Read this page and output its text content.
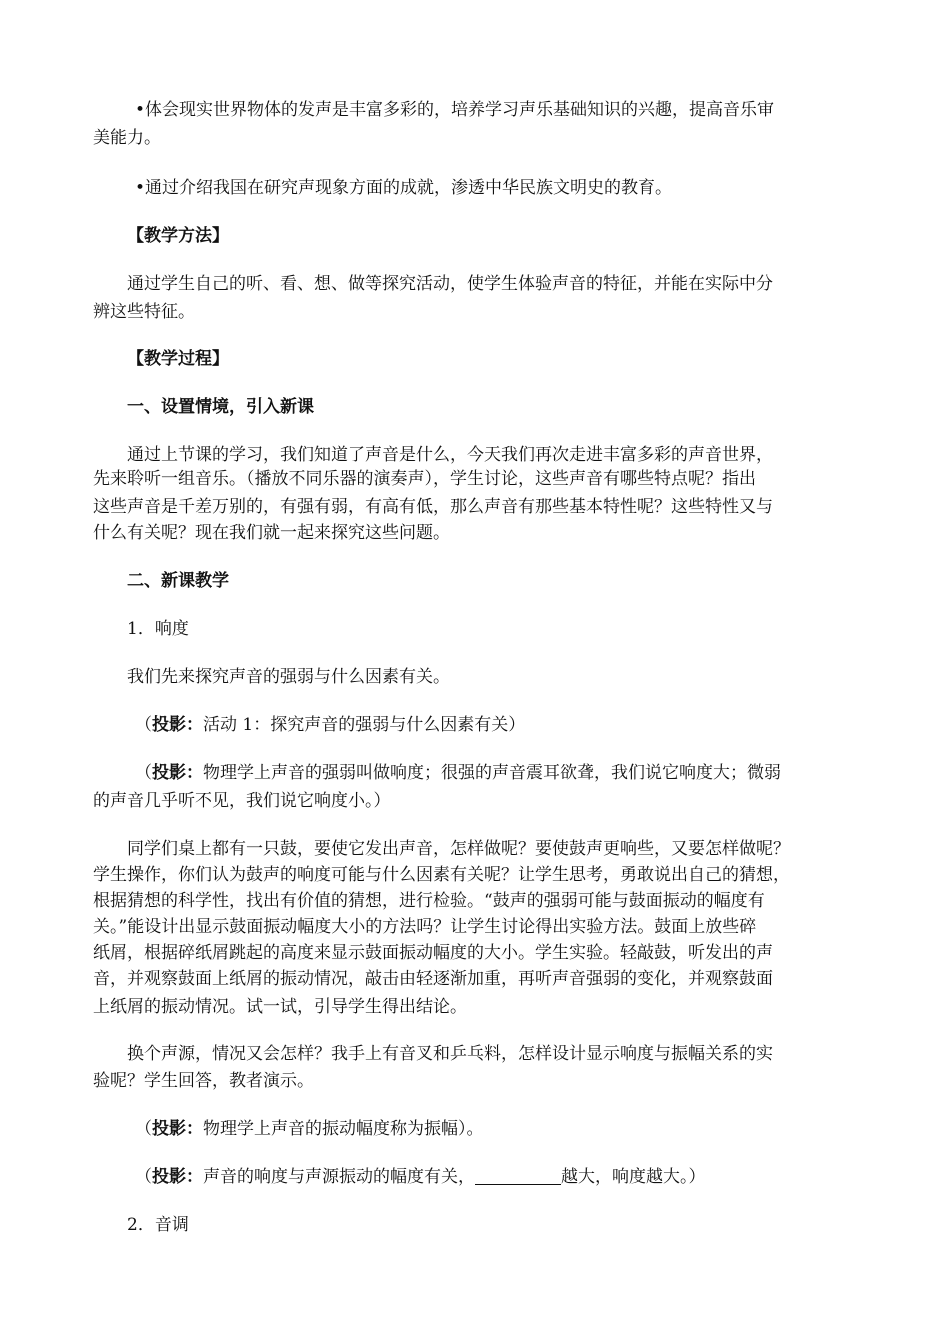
•体会现实世界物体的发声是丰富多彩的，培养学习声乐基础知识的兴趣，提高音乐审

美能力。

•通过介绍我国在研究声现象方面的成就，渗透中华民族文明史的教育。

【教学方法】

通过学生自己的听、看、想、做等探究活动，使学生体验声音的特征，并能在实际中分

辨这些特征。

【教学过程】

一、设置情境，引入新课

通过上节课的学习，我们知道了声音是什么，今天我们再次走进丰富多彩的声音世界，

先来聆听一组音乐。（播放不同乐器的演奏声），学生讨论，这些声音有哪些特点呢？指出

这些声音是千差万别的，有强有弱，有高有低，那么声音有那些基本特性呢？这些特性又与

什么有关呢？现在我们就一起来探究这些问题。

二、新课教学

1．响度

我们先来探究声音的强弱与什么因素有关。

（投影：活动 1：探究声音的强弱与什么因素有关）

（投影：物理学上声音的强弱叫做响度；很强的声音震耳欲聋，我们说它响度大；微弱

的声音几乎听不见，我们说它响度小。）

同学们桌上都有一只鼓，要使它发出声音，怎样做呢？要使鼓声更响些，又要怎样做呢？

学生操作，你们认为鼓声的响度可能与什么因素有关呢？让学生思考，勇敢说出自己的猜想，

根据猜想的科学性，找出有价值的猜想，进行检验。“鼓声的强弱可能与鼓面振动的幅度有

关。”能设计出显示鼓面振动幅度大小的方法吗？让学生讨论得出实验方法。鼓面上放些碎

纸屑，根据碎纸屑跳起的高度来显示鼓面振动幅度的大小。学生实验。轻敲鼓，听发出的声

音，并观察鼓面上纸屑的振动情况，敲击由轻逐渐加重，再听声音强弱的变化，并观察鼓面

上纸屑的振动情况。试一试，引导学生得出结论。

换个声源，情况又会怎样？我手上有音叉和乒乓料，怎样设计显示响度与振幅关系的实

验呢？学生回答，教者演示。

（投影：物理学上声音的振动幅度称为振幅）。

（投影：声音的响度与声源振动的幅度有关，	越大，响度越大。）

2．音调
